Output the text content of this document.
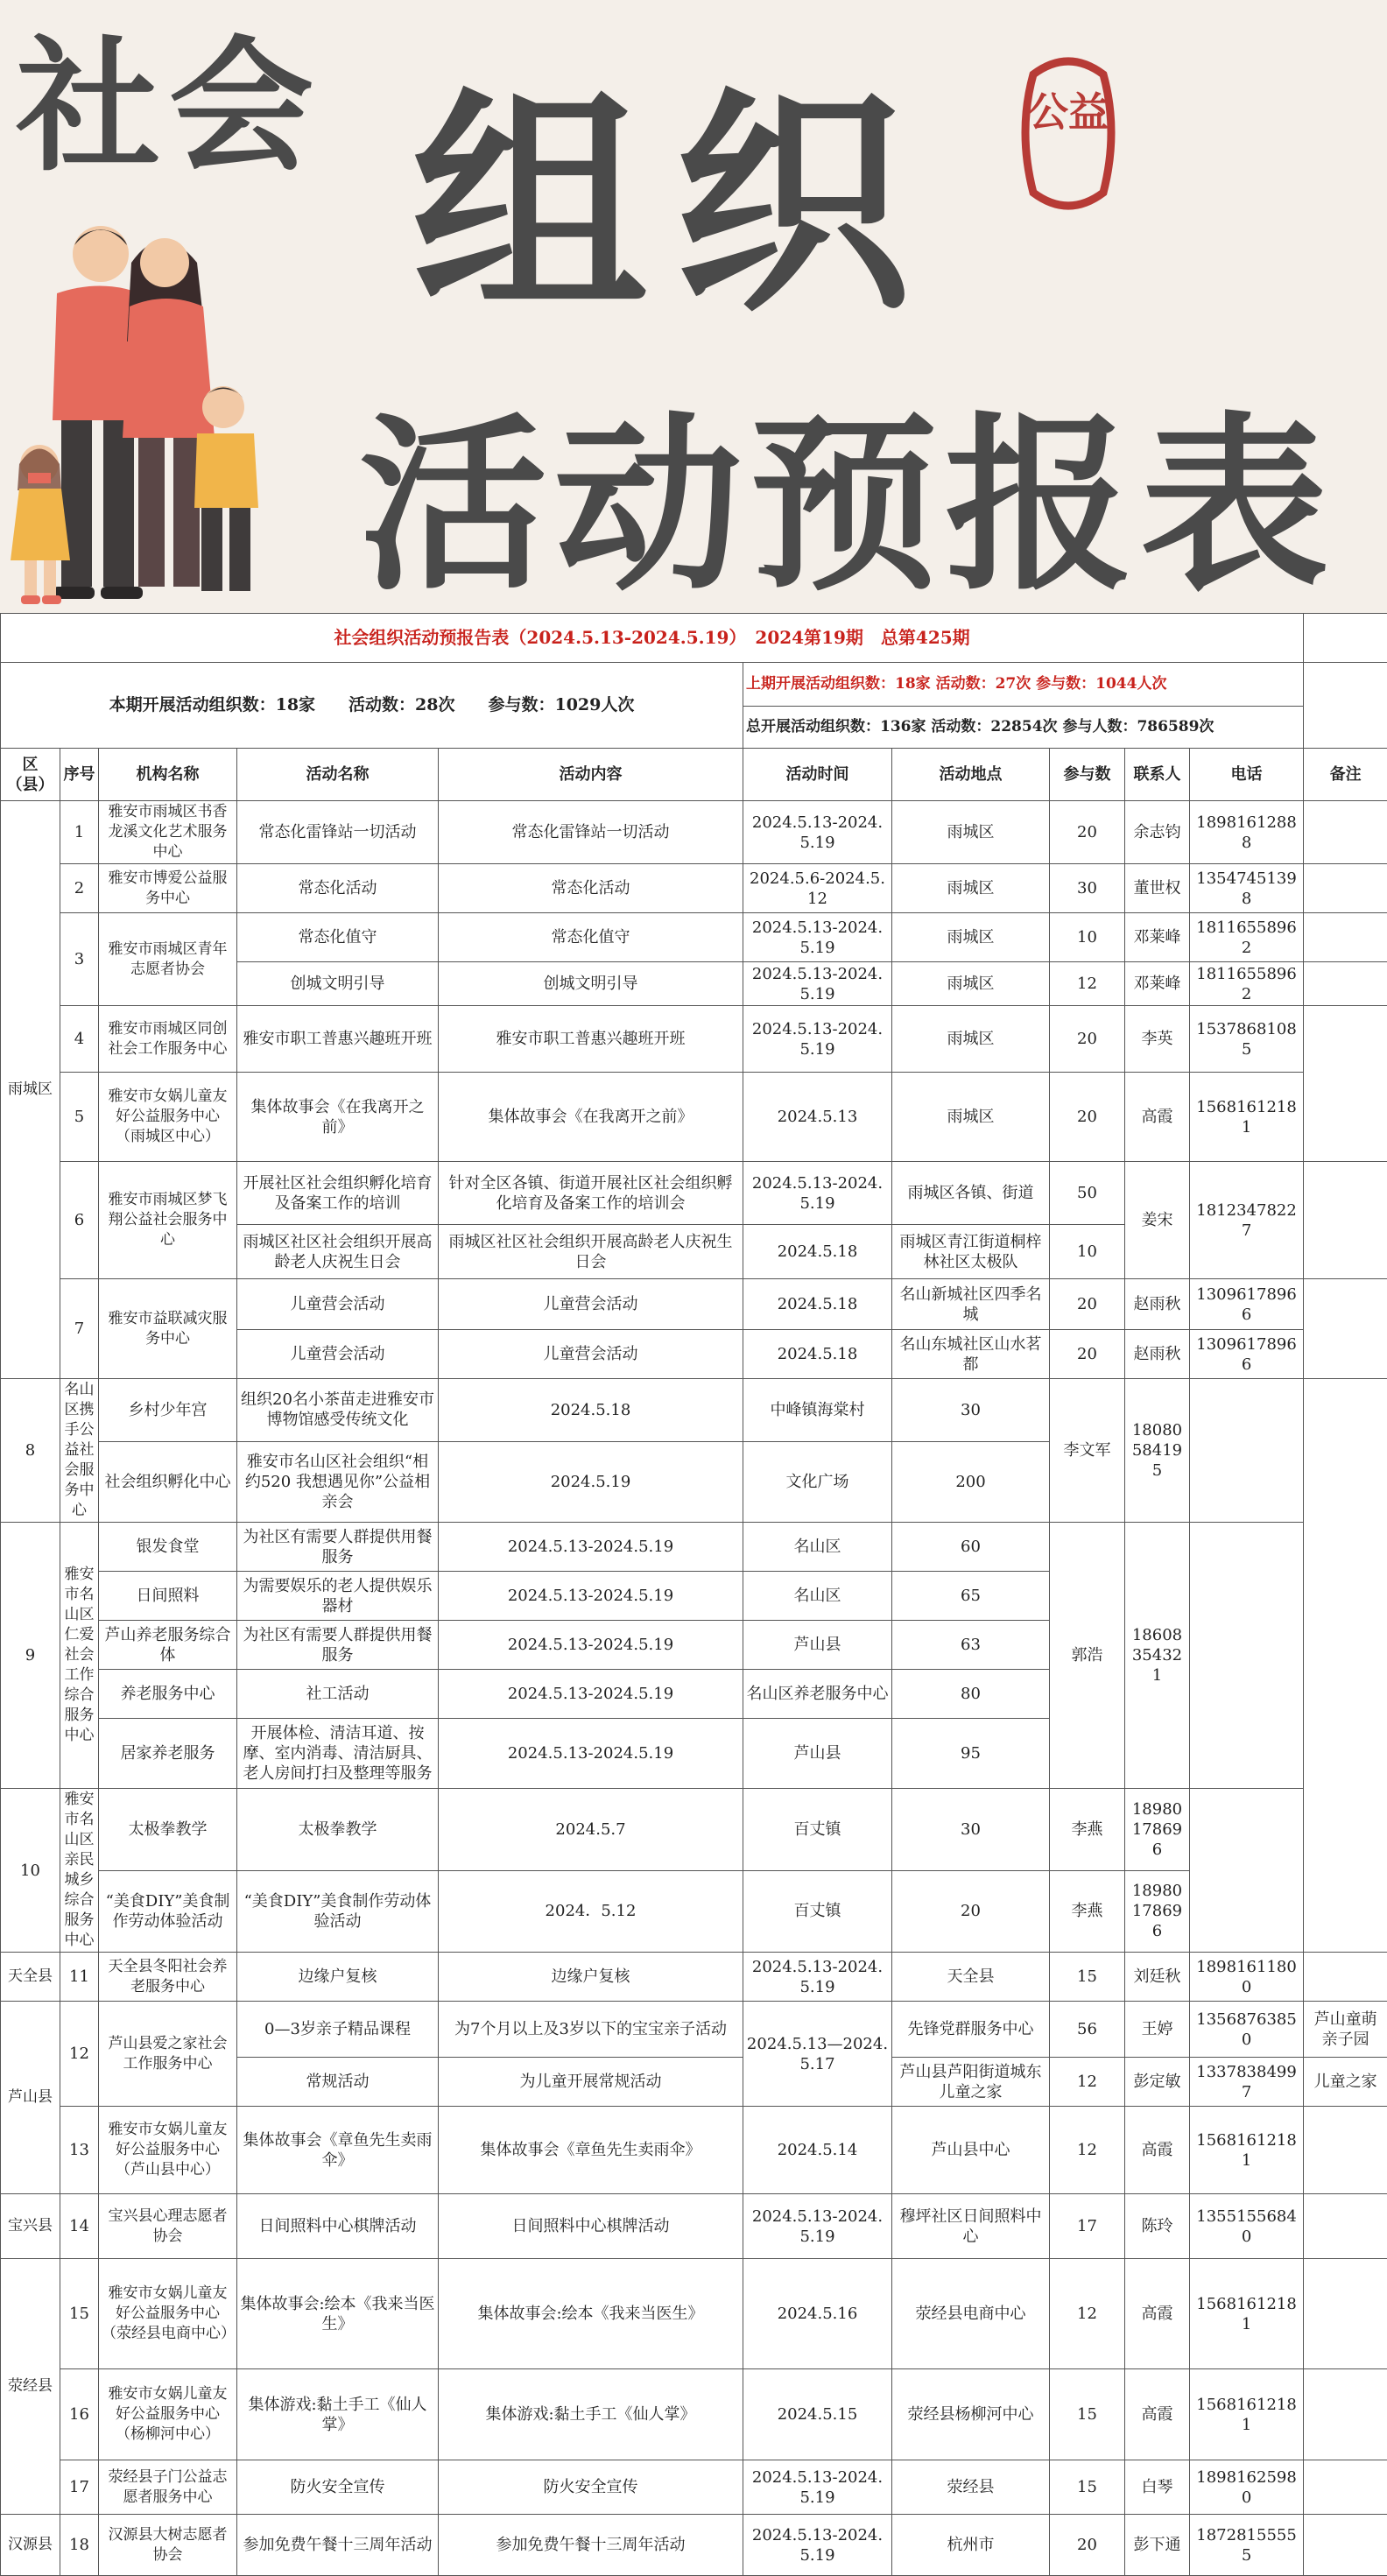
社会 组织
活动预报表
公益
社会组织活动预报告表（2024.5.13-2024.5.19）　2024第19期　总第425期										
本期开展活动组织数：18家　　活动数：28次　　参与数：1029人次					上期开展活动组织数：18家 活动数：27次 参与数：1044人次					
					总开展活动组织数：136家 活动数：22854次 参与人数：786589次					
区（县）	序号	机构名称	活动名称	活动内容	活动时间	活动地点	参与数	联系人	电话	备注
雨城区	1	雅安市雨城区书香龙溪文化艺术服务中心	常态化雷锋站一切活动	常态化雷锋站一切活动	2024.5.13-2024.5.19	雨城区	20	余志钧	18981612888	
	2	雅安市博爱公益服务中心	常态化活动	常态化活动	2024.5.6-2024.5.12	雨城区	30	董世权	13547451398	
	3	雅安市雨城区青年志愿者协会	常态化值守	常态化值守	2024.5.13-2024.5.19	雨城区	10	邓莱峰	18116558962	
			创城文明引导	创城文明引导	2024.5.13-2024.5.19	雨城区	12	邓莱峰	18116558962	
	4	雅安市雨城区同创社会工作服务中心	雅安市职工普惠兴趣班开班	雅安市职工普惠兴趣班开班	2024.5.13-2024.5.19	雨城区	20	李英	15378681085	
	5	雅安市女娲儿童友好公益服务中心（雨城区中心）	集体故事会《在我离开之前》	集体故事会《在我离开之前》	2024.5.13	雨城区	20	高霞	15681612181	
	6	雅安市雨城区梦飞翔公益社会服务中心	开展社区社会组织孵化培育及备案工作的培训	针对全区各镇、街道开展社区社会组织孵化培育及备案工作的培训会	2024.5.13-2024.5.19	雨城区各镇、街道	50	姜宋	18123478227	
			雨城区社区社会组织开展高龄老人庆祝生日会	雨城区社区社会组织开展高龄老人庆祝生日会	2024.5.18	雨城区青江街道桐梓林社区太极队	10			
	7	雅安市益联减灾服务中心	儿童营会活动	儿童营会活动	2024.5.18	名山新城社区四季名城	20	赵雨秋	13096178966	
			儿童营会活动	儿童营会活动	2024.5.18	名山东城社区山水茗都	20	赵雨秋	13096178966	
8	名山区携手公益社会服务中心	乡村少年宫	组织20名小茶苗走进雅安市博物馆感受传统文化	2024.5.18	中峰镇海棠村	30	李文军	18080584195		
		社会组织孵化中心	雅安市名山区社会组织“相约520 我想遇见你”公益相亲会	2024.5.19	文化广场	200				
9	雅安市名山区仁爱社会工作综合服务中心	银发食堂	为社区有需要人群提供用餐服务	2024.5.13-2024.5.19	名山区	60	郭浩	18608354321		
		日间照料	为需要娱乐的老人提供娱乐器材	2024.5.13-2024.5.19	名山区	65				
		芦山养老服务综合体	为社区有需要人群提供用餐服务	2024.5.13-2024.5.19	芦山县	63				
		养老服务中心	社工活动	2024.5.13-2024.5.19	名山区养老服务中心	80				
		居家养老服务	开展体检、清洁耳道、按摩、室内消毒、清洁厨具、老人房间打扫及整理等服务	2024.5.13-2024.5.19	芦山县	95				
10	雅安市名山区亲民城乡综合服务中心	太极拳教学	太极拳教学	2024.5.7	百丈镇	30	李燕	18980178696		
		“美食DIY”美食制作劳动体验活动	“美食DIY”美食制作劳动体验活动	2024．5.12	百丈镇	20	李燕	18980178696		
天全县	11	天全县冬阳社会养老服务中心	边缘户复核	边缘户复核	2024.5.13-2024.5.19	天全县	15	刘廷秋	18981611800	
芦山县	12	芦山县爱之家社会工作服务中心	0—3岁亲子精品课程	为7个月以上及3岁以下的宝宝亲子活动	2024.5.13—2024.5.17	先锋党群服务中心	56	王婷	13568763850	芦山童萌亲子园
			常规活动	为儿童开展常规活动		芦山县芦阳街道城东儿童之家	12	彭定敏	13378384997	儿童之家
	13	雅安市女娲儿童友好公益服务中心（芦山县中心）	集体故事会《章鱼先生卖雨伞》	集体故事会《章鱼先生卖雨伞》	2024.5.14	芦山县中心	12	高霞	15681612181	
宝兴县	14	宝兴县心理志愿者协会	日间照料中心棋牌活动	日间照料中心棋牌活动	2024.5.13-2024.5.19	穆坪社区日间照料中心	17	陈玲	13551556840	
荥经县	15	雅安市女娲儿童友好公益服务中心（荥经县电商中心）	集体故事会:绘本《我来当医生》	集体故事会:绘本《我来当医生》	2024.5.16	荥经县电商中心	12	高霞	15681612181	
	16	雅安市女娲儿童友好公益服务中心（杨柳河中心）	集体游戏:黏土手工《仙人掌》	集体游戏:黏土手工《仙人掌》	2024.5.15	荥经县杨柳河中心	15	高霞	15681612181	
	17	荥经县子门公益志愿者服务中心	防火安全宣传	防火安全宣传	2024.5.13-2024.5.19	荥经县	15	白琴	18981625980	
汉源县	18	汉源县大树志愿者协会	参加免费午餐十三周年活动	参加免费午餐十三周年活动	2024.5.13-2024.5.19	杭州市	20	彭下通	18728155555	
